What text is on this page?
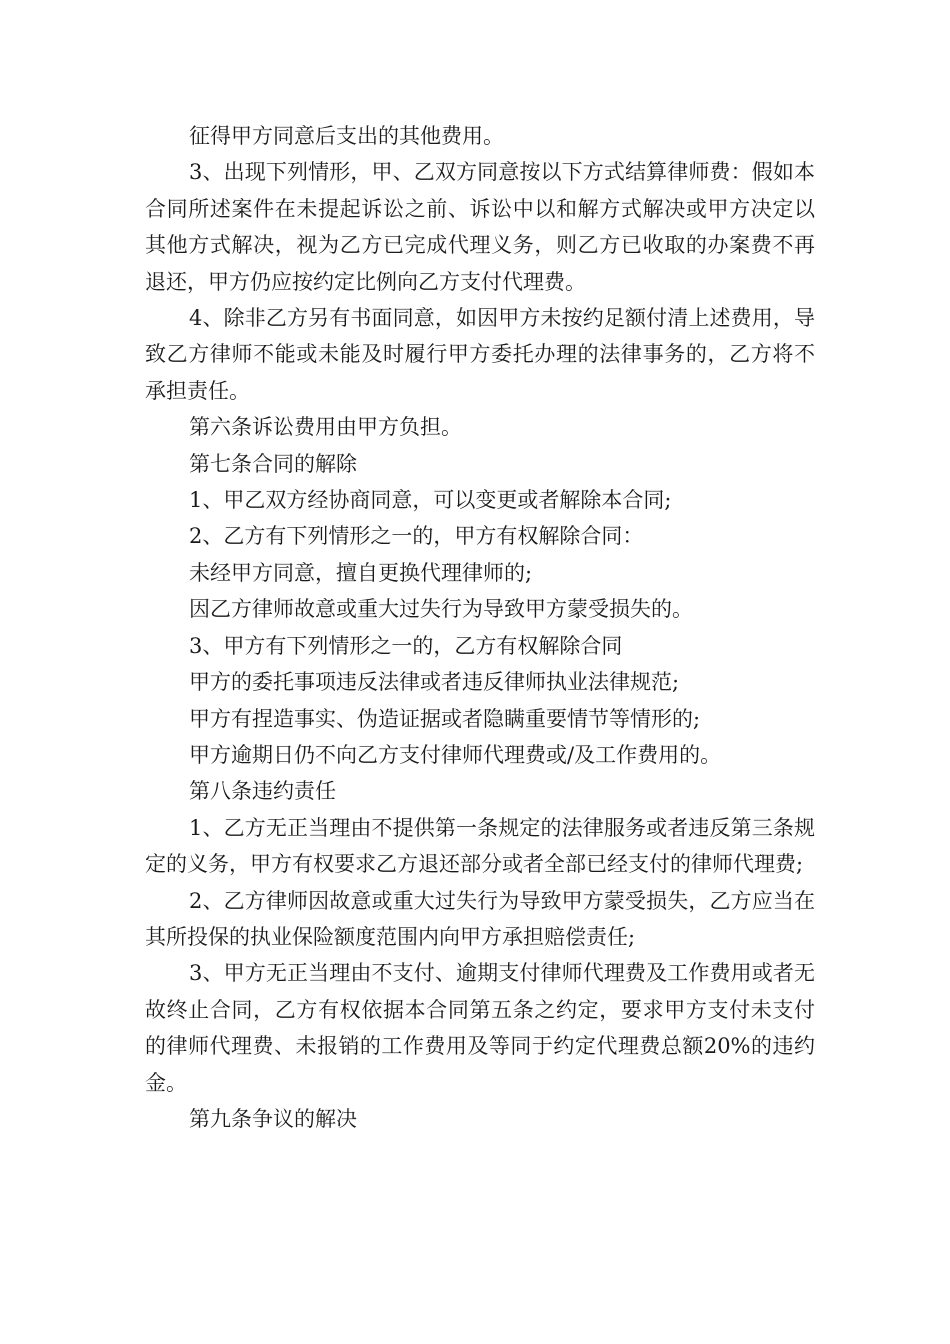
征得甲方同意后支出的其他费用。

3、出现下列情形，甲、乙双方同意按以下方式结算律师费：假如本合同所述案件在未提起诉讼之前、诉讼中以和解方式解决或甲方决定以其他方式解决，视为乙方已完成代理义务，则乙方已收取的办案费不再退还，甲方仍应按约定比例向乙方支付代理费。

4、除非乙方另有书面同意，如因甲方未按约足额付清上述费用，导致乙方律师不能或未能及时履行甲方委托办理的法律事务的，乙方将不承担责任。

第六条诉讼费用由甲方负担。

第七条合同的解除

1、甲乙双方经协商同意，可以变更或者解除本合同;

2、乙方有下列情形之一的，甲方有权解除合同：

未经甲方同意，擅自更换代理律师的;

因乙方律师故意或重大过失行为导致甲方蒙受损失的。

3、甲方有下列情形之一的，乙方有权解除合同

甲方的委托事项违反法律或者违反律师执业法律规范;

甲方有捏造事实、伪造证据或者隐瞒重要情节等情形的;

甲方逾期日仍不向乙方支付律师代理费或/及工作费用的。

第八条违约责任

1、乙方无正当理由不提供第一条规定的法律服务或者违反第三条规定的义务，甲方有权要求乙方退还部分或者全部已经支付的律师代理费;

2、乙方律师因故意或重大过失行为导致甲方蒙受损失，乙方应当在其所投保的执业保险额度范围内向甲方承担赔偿责任;

3、甲方无正当理由不支付、逾期支付律师代理费及工作费用或者无故终止合同，乙方有权依据本合同第五条之约定，要求甲方支付未支付的律师代理费、未报销的工作费用及等同于约定代理费总额20%的违约金。

第九条争议的解决
